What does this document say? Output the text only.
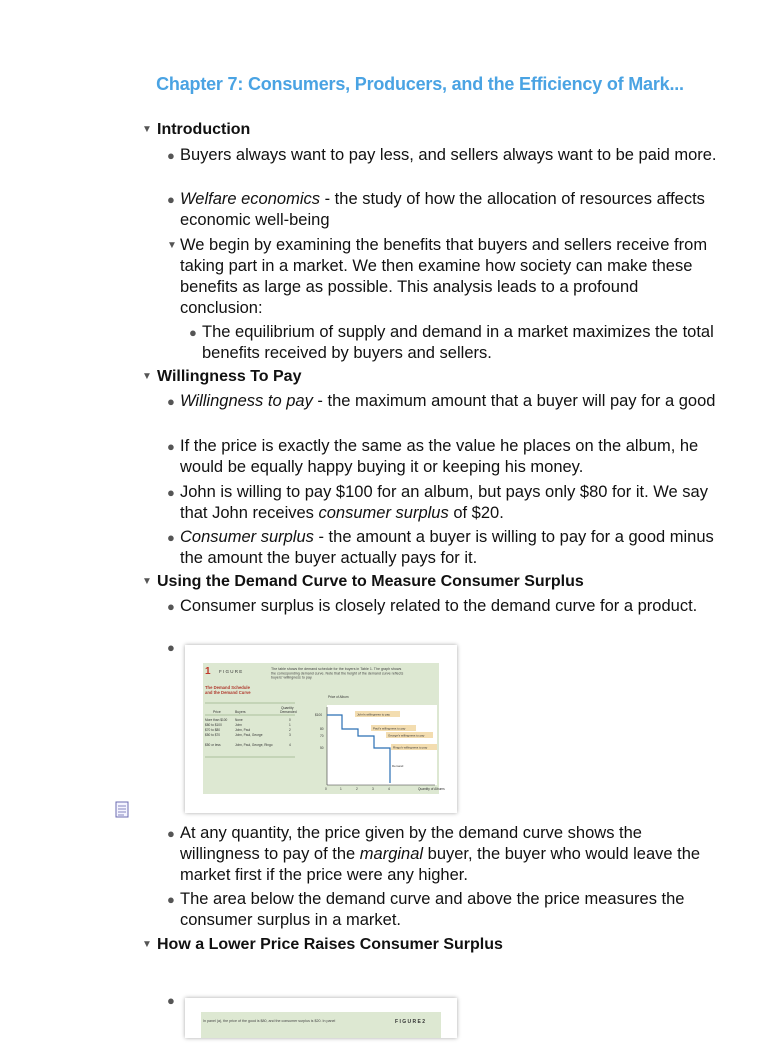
Chapter 7: Consumers, Producers, and the Efficiency of Mark...
▼ Introduction
● Buyers always want to pay less, and sellers always want to be paid more.
● Welfare economics - the study of how the allocation of resources affects economic well-being
▼ We begin by examining the benefits that buyers and sellers receive from taking part in a market. We then examine how society can make these benefits as large as possible. This analysis leads to a profound conclusion:
● The equilibrium of supply and demand in a market maximizes the total benefits received by buyers and sellers.
▼ Willingness To Pay
● Willingness to pay - the maximum amount that a buyer will pay for a good
● If the price is exactly the same as the value he places on the album, he would be equally happy buying it or keeping his money.
● John is willing to pay $100 for an album, but pays only $80 for it. We say that John receives consumer surplus of $20.
● Consumer surplus - the amount a buyer is willing to pay for a good minus the amount the buyer actually pays for it.
▼ Using the Demand Curve to Measure Consumer Surplus
● Consumer surplus is closely related to the demand curve for a product.
●
1 F I G U R E	The table shows the demand schedule for the buyers in Table 1. The graph shows the corresponding demand curve. Note that the height of the demand curve reflects buyers' willingness to pay.
The Demand Schedule and the Demand Curve
Price	Buyers
Quantity
Demanded
More than $100 None	0
$80 to $100	John	1
$70 to $80	John, Paul	2
$50 to $70	John, Paul, George	3
$50 or less	John, Paul, George, Ringo	4
Price of Album
$100
80
70
50
0	1	2	3	4	Quantity of Albums
John's willingness to pay
Paul's willingness to pay
George's willingness to pay
Ringo's willingness to pay
Demand
● At any quantity, the price given by the demand curve shows the willingness to pay of the marginal buyer, the buyer who would leave the market first if the price were any higher.
● The area below the demand curve and above the price measures the consumer surplus in a market.
▼ How a Lower Price Raises Consumer Surplus
●
In panel (a), the price of the good is $80, and the consumer surplus is $20. In panel	F I G U R E 2
